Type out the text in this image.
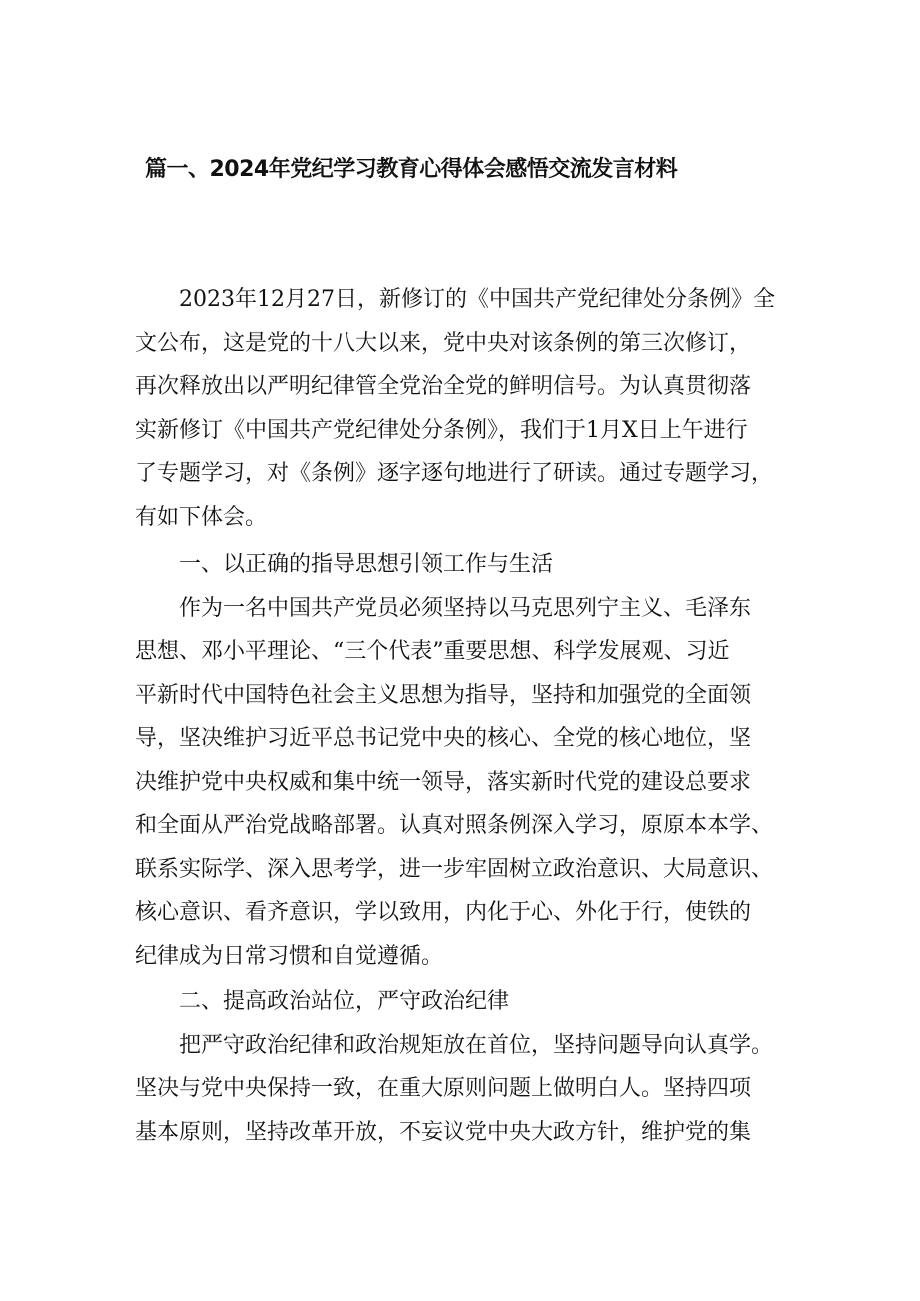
篇一、2024年党纪学习教育心得体会感悟交流发言材料
2023年12月27日，新修订的《中国共产党纪律处分条例》全
文公布，这是党的十八大以来，党中央对该条例的第三次修订，
再次释放出以严明纪律管全党治全党的鲜明信号。为认真贯彻落
实新修订《中国共产党纪律处分条例》，我们于1月X日上午进行
了专题学习，对《条例》逐字逐句地进行了研读。通过专题学习，
有如下体会。
一、以正确的指导思想引领工作与生活
作为一名中国共产党员必须坚持以马克思列宁主义、毛泽东
思想、邓小平理论、“三个代表”重要思想、科学发展观、习近
平新时代中国特色社会主义思想为指导，坚持和加强党的全面领
导，坚决维护习近平总书记党中央的核心、全党的核心地位，坚
决维护党中央权威和集中统一领导，落实新时代党的建设总要求
和全面从严治党战略部署。认真对照条例深入学习，原原本本学、
联系实际学、深入思考学，进一步牢固树立政治意识、大局意识、
核心意识、看齐意识，学以致用，内化于心、外化于行，使铁的
纪律成为日常习惯和自觉遵循。
二、提高政治站位，严守政治纪律
把严守政治纪律和政治规矩放在首位，坚持问题导向认真学。
坚决与党中央保持一致，在重大原则问题上做明白人。坚持四项
基本原则，坚持改革开放，不妄议党中央大政方针，维护党的集
